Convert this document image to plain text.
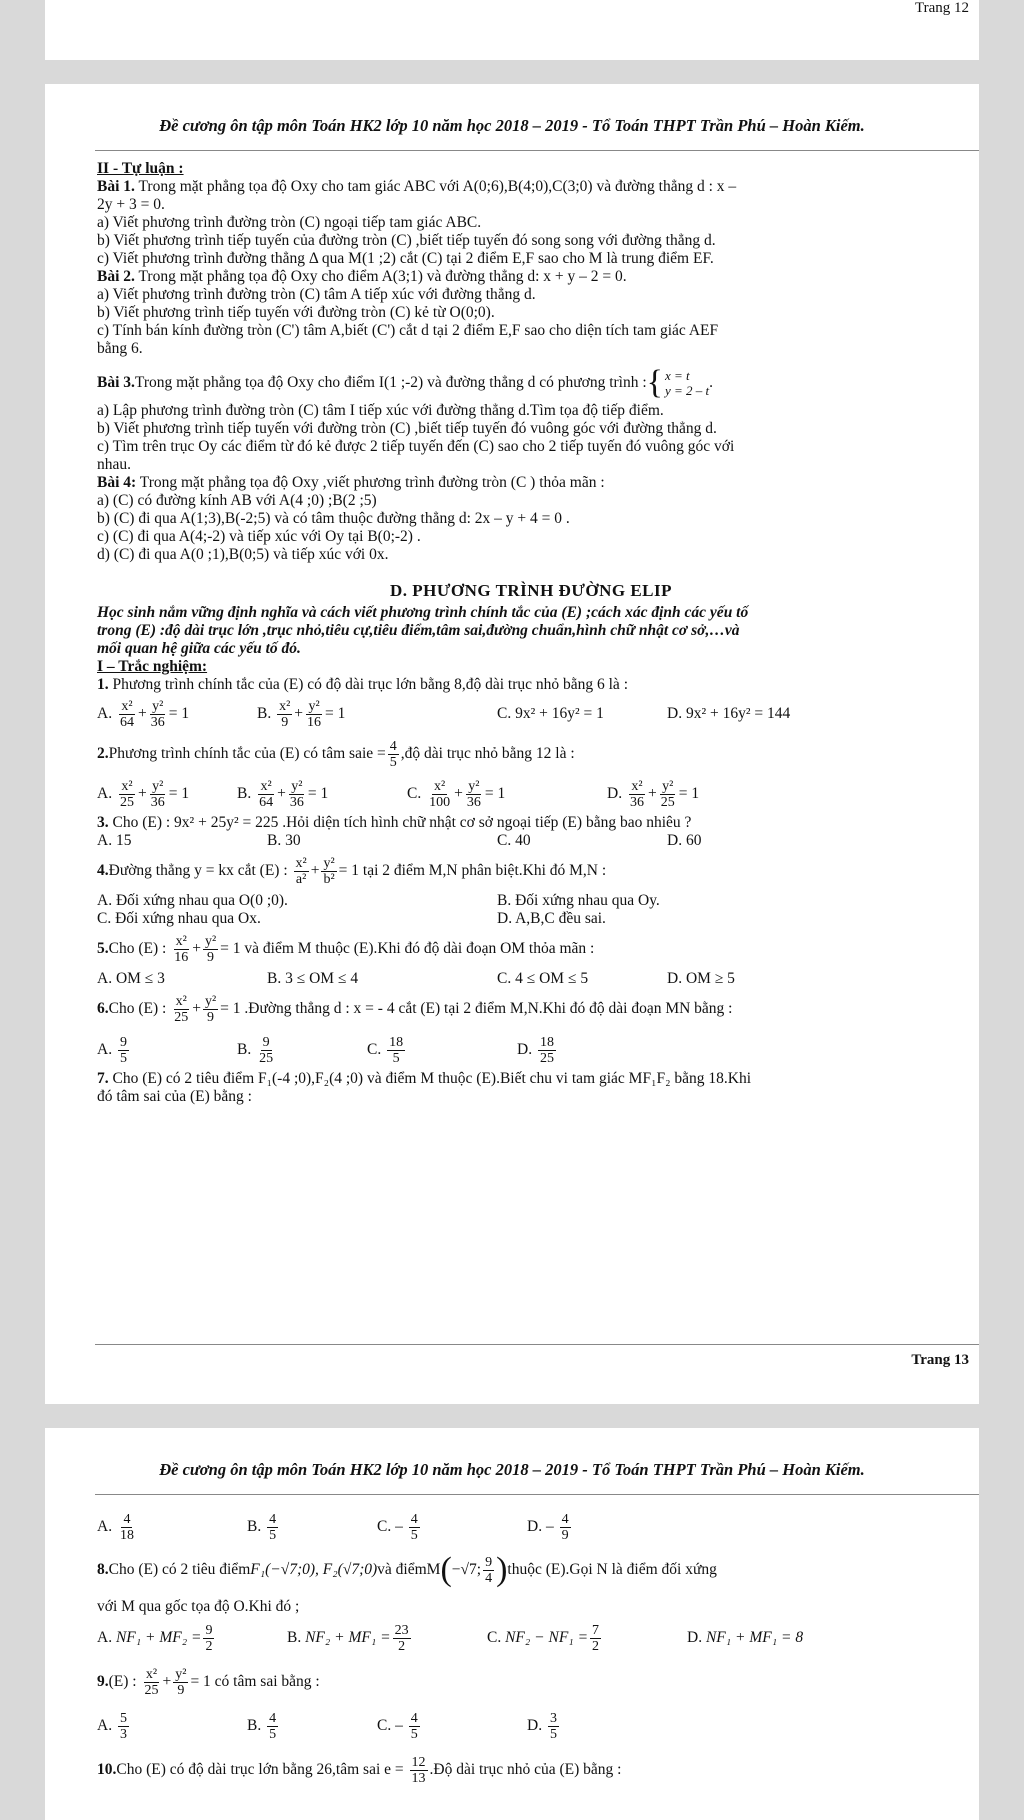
Trang 12
Đề cương ôn tập môn Toán HK2 lớp 10 năm học 2018 – 2019 - Tổ Toán THPT Trần Phú – Hoàn Kiếm.
II - Tự luận :
Bài 1. Trong mặt phẳng tọa độ Oxy cho tam giác ABC với A(0;6),B(4;0),C(3;0) và đường thẳng d : x –
2y + 3 = 0.
a) Viết phương trình đường tròn (C) ngoại tiếp tam giác ABC.
b) Viết phương trình tiếp tuyến của đường tròn (C) ,biết tiếp tuyến đó song song với đường thẳng d.
c) Viết phương trình đường thẳng Δ qua M(1 ;2) cắt (C) tại 2 điểm E,F sao cho M là trung điểm EF.
Bài 2. Trong mặt phẳng tọa độ Oxy cho điểm A(3;1) và đường thẳng d: x + y – 2 = 0.
a) Viết phương trình đường tròn (C) tâm A tiếp xúc với đường thẳng d.
b) Viết phương trình tiếp tuyến với đường tròn (C) kẻ từ O(0;0).
c) Tính bán kính đường tròn (C') tâm A,biết (C') cắt d tại 2 điểm E,F sao cho diện tích tam giác AEF
bằng 6.
Bài 3. Trong mặt phẳng tọa độ Oxy cho điểm I(1 ;-2) và đường thẳng d có phương trình : { x = t
y = 2 – t .
a) Lập phương trình đường tròn (C) tâm I tiếp xúc với đường thẳng d.Tìm tọa độ tiếp điểm.
b) Viết phương trình tiếp tuyến với đường tròn (C) ,biết tiếp tuyến đó vuông góc với đường thẳng d.
c) Tìm trên trục Oy các điểm từ đó kẻ được 2 tiếp tuyến đến (C) sao cho 2 tiếp tuyến đó vuông góc với
nhau.
Bài 4: Trong mặt phẳng tọa độ Oxy ,viết phương trình đường tròn (C ) thỏa mãn :
a) (C) có đường kính AB với A(4 ;0) ;B(2 ;5)
b) (C) đi qua A(1;3),B(-2;5) và có tâm thuộc đường thẳng d: 2x – y + 4 = 0 .
c) (C) đi qua A(4;-2) và tiếp xúc với Oy tại B(0;-2) .
d) (C) đi qua A(0 ;1),B(0;5) và tiếp xúc với 0x.
D. PHƯƠNG TRÌNH ĐƯỜNG ELIP
Học sinh nắm vững định nghĩa và cách viết phương trình chính tắc của (E) ;cách xác định các yếu tố
trong (E) :độ dài trục lớn ,trục nhỏ,tiêu cự,tiêu điểm,tâm sai,đường chuẩn,hình chữ nhật cơ sở,…và
mối quan hệ giữa các yếu tố đó.
I – Trắc nghiệm:
1. Phương trình chính tắc của (E) có độ dài trục lớn bằng 8,độ dài trục nhỏ bằng 6 là :
A.
$\frac{\text{x²}}{64} + \frac{\text{y²}}{36} = 1$	B.
$\frac{\text{x²}}{9} + \frac{\text{y²}}{16} = 1$	C.
9x² + 16y² = 1	D.
9x² + 16y² = 144
2. Phương trình chính tắc của (E) có tâm sai $e = \frac{4}{5}$ ,độ dài trục nhỏ bằng 12 là :
A.
$\frac{\text{x²}}{25} + \frac{\text{y²}}{36} = 1$	B.
$\frac{\text{x²}}{64} + \frac{\text{y²}}{36} = 1$	C.
$\frac{\text{x²}}{100} + \frac{\text{y²}}{36} = 1$	D.
$\frac{\text{x²}}{36} + \frac{\text{y²}}{25} = 1$
3. Cho (E) : 9x² + 25y² = 225 .Hỏi diện tích hình chữ nhật cơ sở ngoại tiếp (E) bằng bao nhiêu ?
A. 15	B. 30	C. 40	D. 60
4. Đường thẳng y = kx cắt (E) :
$\frac{\text{x²}}{\text{a²}} + \frac{\text{y²}}{\text{b²}} = 1$ tại 2 điểm M,N phân biệt.Khi đó M,N :
A. Đối xứng nhau qua O(0 ;0).	B. Đối xứng nhau qua Oy.
C. Đối xứng nhau qua Ox.	D. A,B,C đều sai.
5. Cho (E) :
$\frac{\text{x²}}{16} + \frac{\text{y²}}{9} = 1$ và điểm M thuộc (E).Khi đó độ dài đoạn OM thỏa mãn :
A. OM ≤ 3	B. 3 ≤ OM ≤ 4	C. 4 ≤ OM ≤ 5	D. OM ≥ 5
6. Cho (E) :
$\frac{\text{x²}}{25} + \frac{\text{y²}}{9} = 1$ .Đường thẳng d : x = - 4 cắt (E) tại 2 điểm M,N.Khi đó độ dài đoạn MN bằng :
A.
$\frac{9}{5}$	B.
$\frac{9}{25}$	C.
$\frac{18}{5}$	D.
$\frac{18}{25}$
7. Cho (E) có 2 tiêu điểm F₁(-4 ;0),F₂(4 ;0) và điểm M thuộc (E).Biết chu vi tam giác MF₁F₂ bằng 18.Khi
đó tâm sai của (E) bằng :
Trang 13
Đề cương ôn tập môn Toán HK2 lớp 10 năm học 2018 – 2019 - Tổ Toán THPT Trần Phú – Hoàn Kiếm.
A.
$\frac{4}{18}$	B.
$\frac{4}{5}$	C. –
$\frac{4}{5}$	D. –
$\frac{4}{9}$
8. Cho (E) có 2 tiêu điểm F₁(−√7;0), F₂(√7;0) và điểm M ( −√7; $\frac{9}{4}$ ) thuộc (E).Gọi N là điểm đối xứng
với M qua gốc tọa độ O.Khi đó ;
A.
$NF_1 + MF_2 = \frac{9}{2}$	B.
$NF_2 + MF_1 = \frac{23}{2}$	C.
$NF_2 - NF_1 = \frac{7}{2}$	D.
NF₁ + MF₁ = 8
9. (E) :
$\frac{\text{x²}}{25} + \frac{\text{y²}}{9} = 1$ có tâm sai bằng :
A.
$\frac{5}{3}$	B.
$\frac{4}{5}$	C. –
$\frac{4}{5}$	D.
$\frac{3}{5}$
10. Cho (E) có độ dài trục lớn bằng 26,tâm sai e =
$\frac{12}{13}$ .Độ dài trục nhỏ của (E) bằng :
